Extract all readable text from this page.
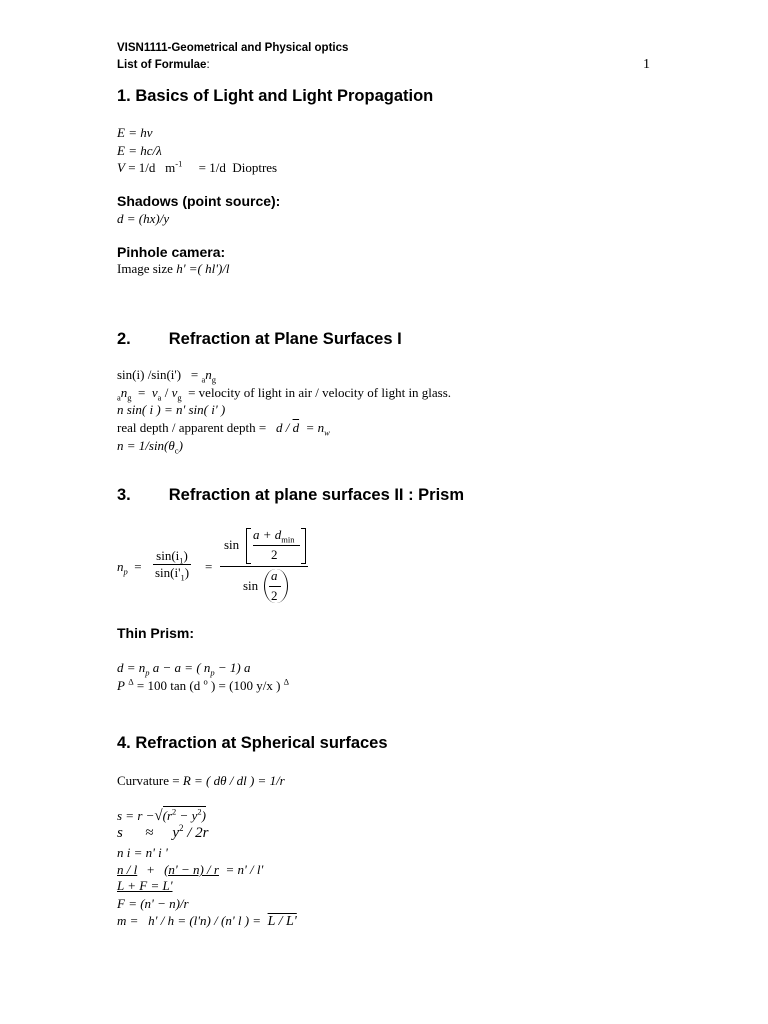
VISN1111-Geometrical and Physical optics
List of Formulae:	1
1. Basics of Light and Light Propagation
E = hν
E = hc/λ
V = 1/d $m^{-1} = 1/d$ Dioptres
Shadows (point source):
d = (hx)/y
Pinhole camera:
Image size h' =( hl')/l
2. Refraction at Plane Surfaces I
sin(i) $/\sin(i') = _an_g$
$_an_g = v_a / v_g$ = velocity of light in air / velocity of light in glass.
n sin( i ) = n' sin( i' )
real depth / apparent depth = $d / \overline{d} = n_w$
$n = 1/\sin(\theta_c)$
3. Refraction at plane surfaces II : Prism
$n_p = \frac{\sin(i_1)}{\sin(i'_1)}$ =
sin
$a + d_{min}$
2
sin
a
2
Thin Prism:
$d = n_p$ a − a = ( $n_p - 1$) a
P $^\Delta$ = 100 tan (d $^o$ ) = (100 y/x ) $^\Delta$
4. Refraction at Spherical surfaces
Curvature = R = ( dθ / dl ) = 1/r
$s = r -√(r^2 - y^2)$
$s \approx y^2 / 2r$
n i = n' i '
n / l + (n' − n) / r = n' / l'
L + F = L'
F = (n' − n)/r
m = h' / h = (l'n) / (n' l ) = L / L'
